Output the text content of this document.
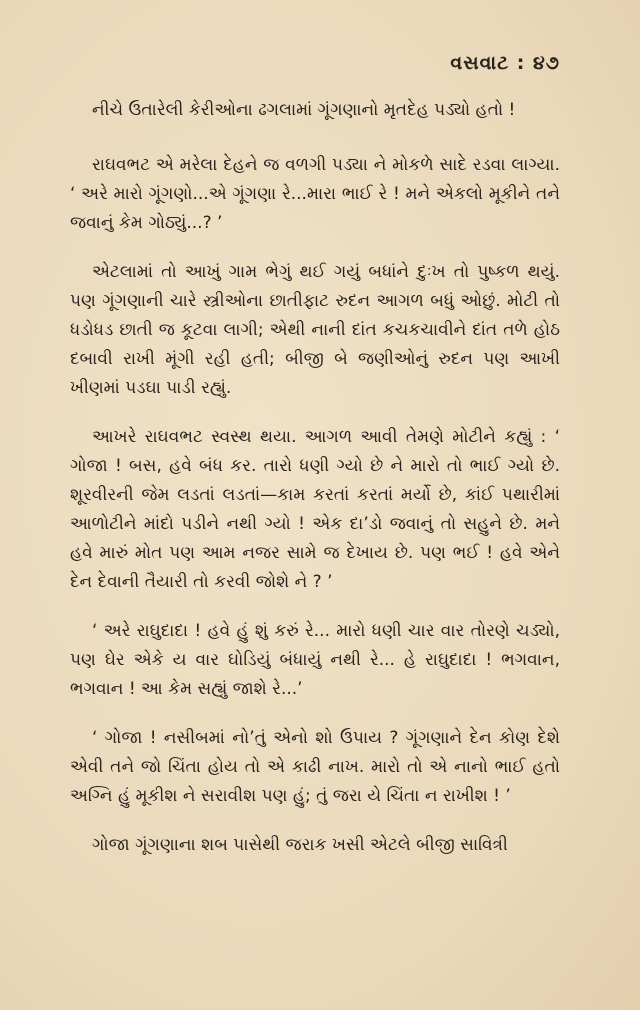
વસવાટ : ૪૭

નીચે ઉતારેલી કેરીઓના ઢગલામાં ગૂંગણાનો મૃતદેહ પડ્યો હતો !

રાઘવભટ એ મરેલા દેહને જ વળગી પડ્યા ને મોકળે સાદે રડવા લાગ્યા. ‘ અરે મારો ગૂંગણો...એ ગૂંગણા રે...મારા ભાઈ રે ! મને એકલો મૂકીને તને જવાનું કેમ ગોઠ્યું...? ’

એટલામાં તો આખું ગામ ભેગું થઈ ગયું બધાંને દુઃખ તો પુષ્કળ થયું. પણ ગૂંગણાની ચારે સ્ત્રીઓના છાતીફાટ રુદન આગળ બધું ઓછું. મોટી તો ધડોધડ છાતી જ કૂટવા લાગી; એથી નાની દાંત કચકચાવીને દાંત તળે હોઠ દબાવી રાખી મૂંગી રહી હતી; બીજી બે જણીઓનું રુદન પણ આખી ખીણમાં પડઘા પાડી રહ્યું.

આખરે રાઘવભટ સ્વસ્થ થયા. આગળ આવી તેમણે મોટીને કહ્યું : ‘ ગોજા ! બસ, હવે બંધ કર. તારો ધણી ગ્યો છે ને મારો તો ભાઈ ગ્યો છે. શૂરવીરની જેમ લડતાં લડતાં—કામ કરતાં કરતાં મર્યો છે, કાંઈ પથારીમાં આળોટીને માંદો પડીને નથી ગ્યો ! એક દા’ડો જવાનું તો સહુને છે. મને હવે મારું મોત પણ આમ નજર સામે જ દેખાય છે. પણ ભઈ ! હવે એને દેન દેવાની તૈયારી તો કરવી જોશે ને ? ’

‘ અરે રાઘુદાદા ! હવે હું શું કરું રે... મારો ધણી ચાર વાર તોરણે ચડ્યો, પણ ઘેર એકે ય વાર ઘોડિયું બંધાયું નથી રે... હે રાઘુદાદા ! ભગવાન, ભગવાન ! આ કેમ સહ્યું જાશે રે...’

‘ ગોજા ! નસીબમાં નો’તું એનો શો ઉપાય ? ગૂંગણાને દેન કોણ દેશે એવી તને જો ચિંતા હોય તો એ કાઢી નાખ. મારો તો એ નાનો ભાઈ હતો અગ્નિ હું મૂકીશ ને સરાવીશ પણ હું; તું જરા યે ચિંતા ન રાખીશ ! ’

ગોજા ગૂંગણાના શબ પાસેથી જરાક ખસી એટલે બીજી સાવિત્રી
